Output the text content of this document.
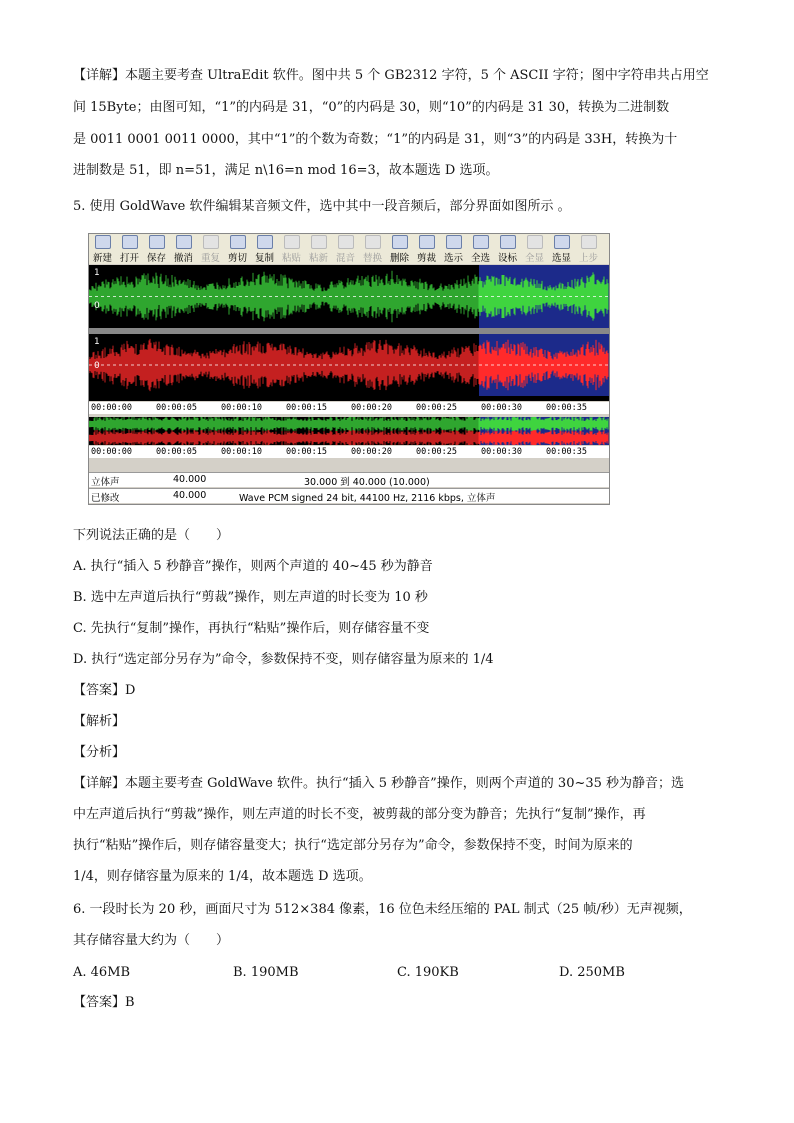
【详解】本题主要考查 UltraEdit 软件。图中共 5 个 GB2312 字符，5 个 ASCII 字符；图中字符串共占用空
间 15Byte；由图可知，“1”的内码是 31，“0”的内码是 30，则“10”的内码是 31 30，转换为二进制数
是 0011 0001 0011 0000，其中“1”的个数为奇数；“1”的内码是 31，则“3”的内码是 33H，转换为十
进制数是 51，即 n=51，满足 n\16=n mod 16=3，故本题选 D 选项。
5. 使用 GoldWave 软件编辑某音频文件，选中其中一段音频后，部分界面如图所示 。
新建 打开 保存 撤消 重复 剪切 复制 粘贴 粘新 混音 替换 删除 剪裁 选示 全选 设标 全显 选显 上步
1
0
1
0
00:00:00	00:00:05	00:00:10	00:00:15	00:00:20	00:00:25	00:00:30	00:00:35
00:00:00	00:00:05	00:00:10	00:00:15	00:00:20	00:00:25	00:00:30	00:00:35
立体声	40.000	30.000 到 40.000 (10.000)
已修改	40.000	Wave PCM signed 24 bit, 44100 Hz, 2116 kbps, 立体声
下列说法正确的是（　　）
A. 执行“插入 5 秒静音”操作，则两个声道的 40~45 秒为静音
B. 选中左声道后执行“剪裁”操作，则左声道的时长变为 10 秒
C. 先执行“复制”操作，再执行“粘贴”操作后，则存储容量不变
D. 执行“选定部分另存为”命令，参数保持不变，则存储容量为原来的 1/4
【答案】D
【解析】
【分析】
【详解】本题主要考查 GoldWave 软件。执行“插入 5 秒静音”操作，则两个声道的 30~35 秒为静音；选
中左声道后执行“剪裁”操作，则左声道的时长不变，被剪裁的部分变为静音；先执行“复制”操作，再
执行“粘贴”操作后，则存储容量变大；执行“选定部分另存为”命令，参数保持不变，时间为原来的
1/4，则存储容量为原来的 1/4，故本题选 D 选项。
6. 一段时长为 20 秒，画面尺寸为 512×384 像素，16 位色未经压缩的 PAL 制式（25 帧/秒）无声视频，
其存储容量大约为（　　）
A. 46MB	B. 190MB	C. 190KB	D. 250MB
【答案】B
